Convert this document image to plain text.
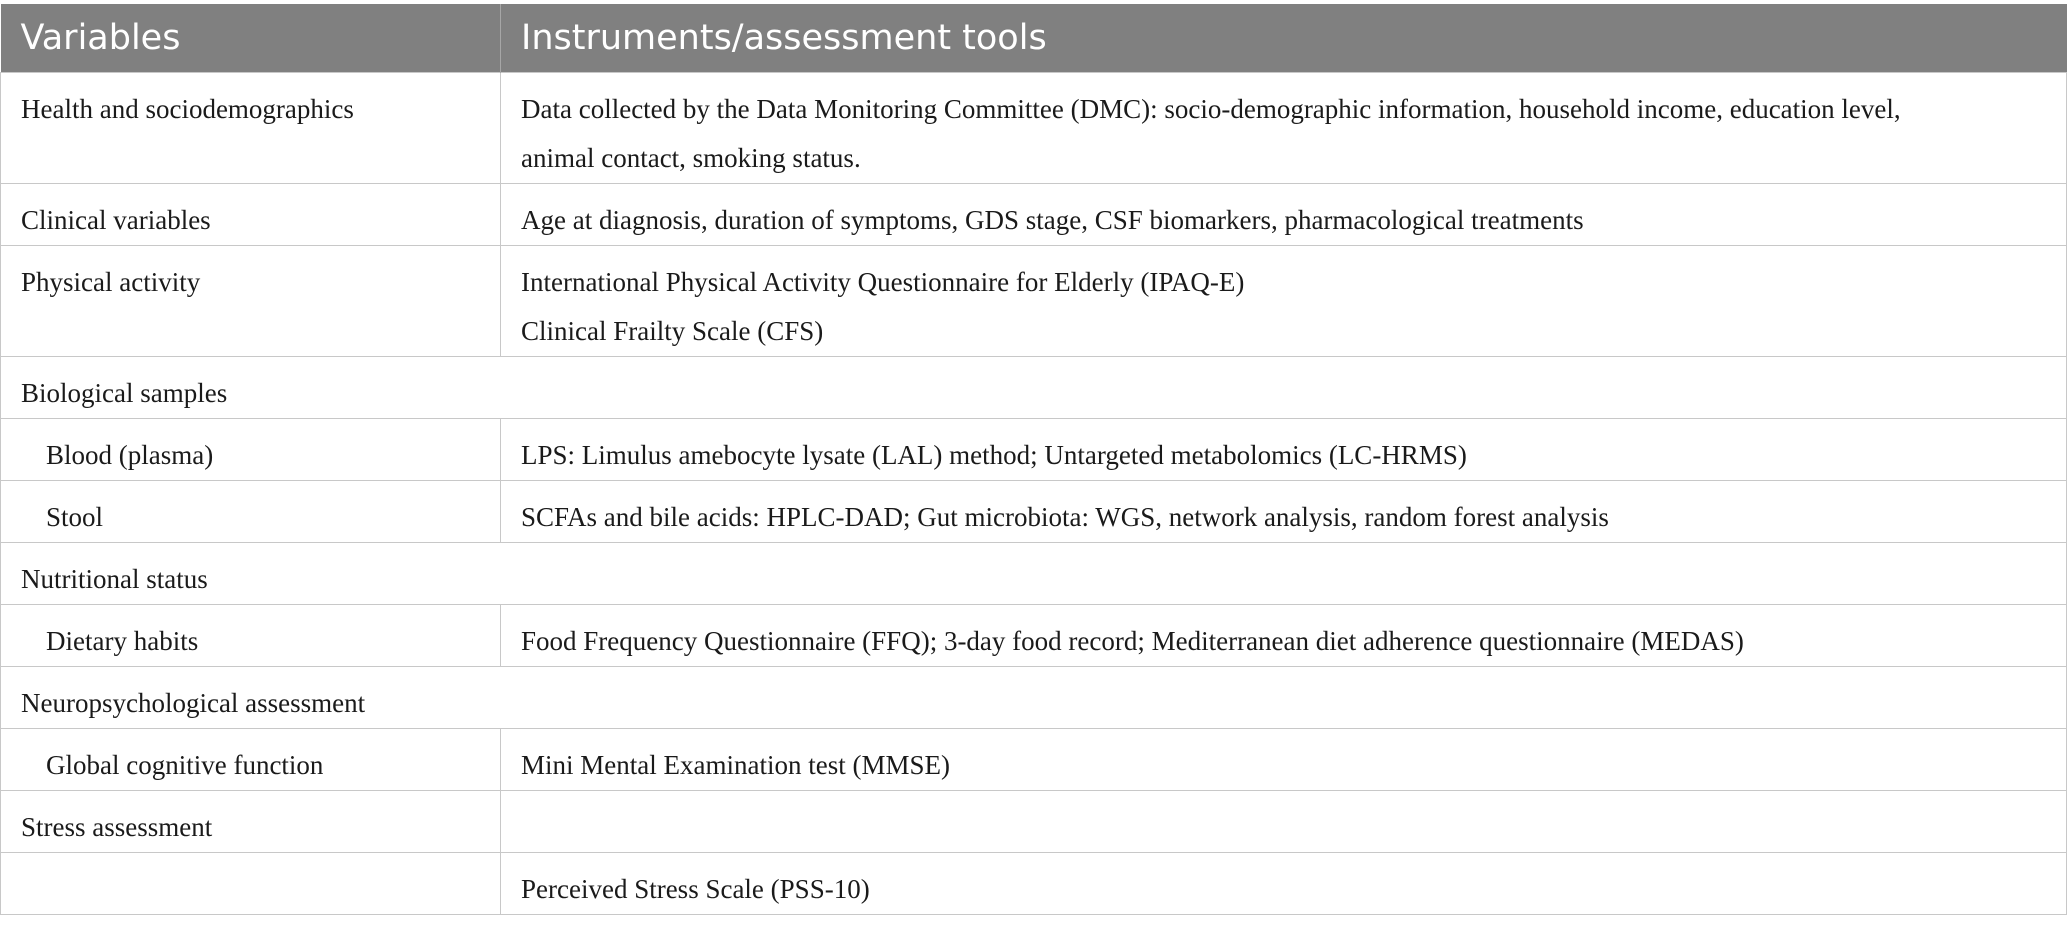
Variables	Instruments/assessment tools
Health and sociodemographics	Data collected by the Data Monitoring Committee (DMC): socio-demographic information, household income, education level,
animal contact, smoking status.

Clinical variables	Age at diagnosis, duration of symptoms, GDS stage, CSF biomarkers, pharmacological treatments

Physical activity	International Physical Activity Questionnaire for Elderly (IPAQ-E)
Clinical Frailty Scale (CFS)

Biological samples	
Blood (plasma)	LPS: Limulus amebocyte lysate (LAL) method; Untargeted metabolomics (LC-HRMS)

Stool	SCFAs and bile acids: HPLC-DAD; Gut microbiota: WGS, network analysis, random forest analysis

Nutritional status	
Dietary habits	Food Frequency Questionnaire (FFQ); 3-day food record; Mediterranean diet adherence questionnaire (MEDAS)

Neuropsychological assessment	
Global cognitive function	Mini Mental Examination test (MMSE)

Stress assessment	

	Perceived Stress Scale (PSS-10)
